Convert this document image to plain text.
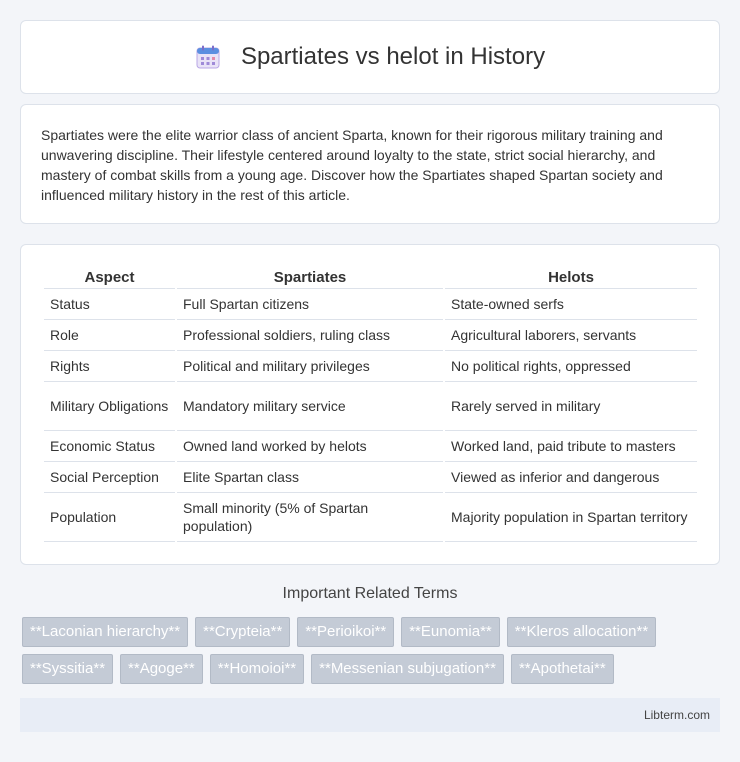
Spartiates vs helot in History

Spartiates were the elite warrior class of ancient Sparta, known for their rigorous military training and unwavering discipline. Their lifestyle centered around loyalty to the state, strict social hierarchy, and mastery of combat skills from a young age. Discover how the Spartiates shaped Spartan society and influenced military history in the rest of this article.

Aspect	Spartiates	Helots
Status	Full Spartan citizens	State-owned serfs
Role	Professional soldiers, ruling class	Agricultural laborers, servants
Rights	Political and military privileges	No political rights, oppressed
Military Obligations	Mandatory military service	Rarely served in military
Economic Status	Owned land worked by helots	Worked land, paid tribute to masters
Social Perception	Elite Spartan class	Viewed as inferior and dangerous
Population	Small minority (5% of Spartan population)	Majority population in Spartan territory
Important Related Terms
**Laconian hierarchy**	**Crypteia**	**Perioikoi**	**Eunomia**	**Kleros allocation**
**Syssitia**	**Agoge**	**Homoioi**	**Messenian subjugation**	**Apothetai**
Libterm.com
